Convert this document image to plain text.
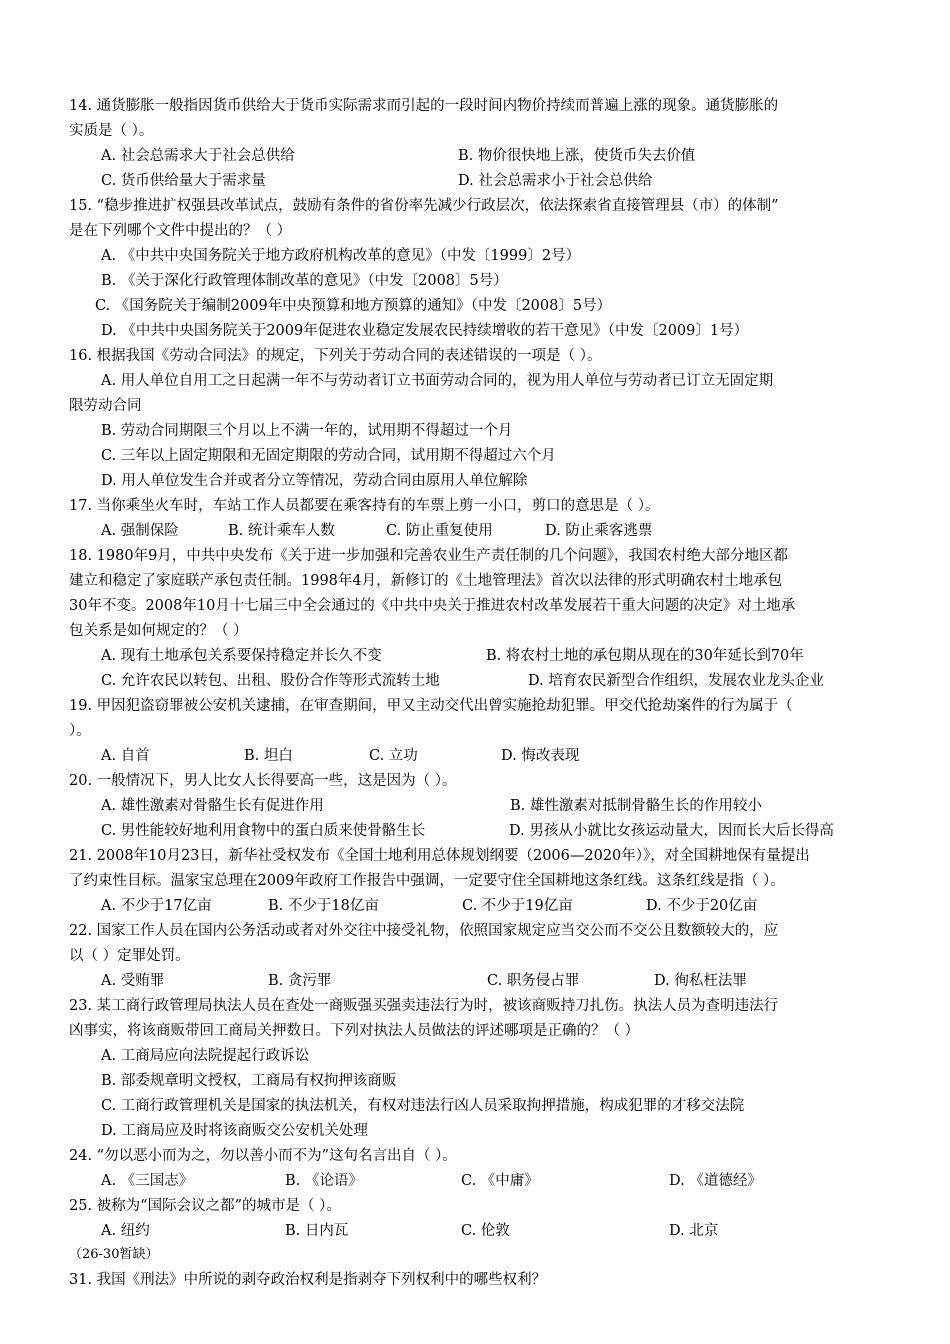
14. 通货膨胀一般指因货币供给大于货币实际需求而引起的一段时间内物价持续而普遍上涨的现象。通货膨胀的
实质是（ ）。
A. 社会总需求大于社会总供给	B. 物价很快地上涨，使货币失去价值
C. 货币供给量大于需求量	D. 社会总需求小于社会总供给
15. “稳步推进扩权强县改革试点，鼓励有条件的省份率先减少行政层次，依法探索省直接管理县（市）的体制”
是在下列哪个文件中提出的？（ ）
A. 《中共中央国务院关于地方政府机构改革的意见》（中发〔1999〕2号）
B. 《关于深化行政管理体制改革的意见》（中发〔2008〕5号）
C. 《国务院关于编制2009年中央预算和地方预算的通知》（中发〔2008〕5号）
D. 《中共中央国务院关于2009年促进农业稳定发展农民持续增收的若干意见》（中发〔2009〕1号）
16. 根据我国《劳动合同法》的规定，下列关于劳动合同的表述错误的一项是（ ）。
A. 用人单位自用工之日起满一年不与劳动者订立书面劳动合同的，视为用人单位与劳动者已订立无固定期
限劳动合同
B. 劳动合同期限三个月以上不满一年的，试用期不得超过一个月
C. 三年以上固定期限和无固定期限的劳动合同，试用期不得超过六个月
D. 用人单位发生合并或者分立等情况，劳动合同由原用人单位解除
17. 当你乘坐火车时，车站工作人员都要在乘客持有的车票上剪一小口，剪口的意思是（ ）。
A. 强制保险	B. 统计乘车人数	C. 防止重复使用	D. 防止乘客逃票
18. 1980年9月，中共中央发布《关于进一步加强和完善农业生产责任制的几个问题》，我国农村绝大部分地区都
建立和稳定了家庭联产承包责任制。1998年4月，新修订的《土地管理法》首次以法律的形式明确农村土地承包
30年不变。2008年10月十七届三中全会通过的《中共中央关于推进农村改革发展若干重大问题的决定》对土地承
包关系是如何规定的？（ ）
A. 现有土地承包关系要保持稳定并长久不变	B. 将农村土地的承包期从现在的30年延长到70年
C. 允许农民以转包、出租、股份合作等形式流转土地	D. 培育农民新型合作组织，发展农业龙头企业
19. 甲因犯盗窃罪被公安机关逮捕，在审查期间，甲又主动交代出曾实施抢劫犯罪。甲交代抢劫案件的行为属于（
）。
A. 自首	B. 坦白	C. 立功	D. 悔改表现
20. 一般情况下，男人比女人长得要高一些，这是因为（ ）。
A. 雄性激素对骨骼生长有促进作用	B. 雄性激素对抵制骨骼生长的作用较小
C. 男性能较好地利用食物中的蛋白质来使骨骼生长	D. 男孩从小就比女孩运动量大，因而长大后长得高
21. 2008年10月23日，新华社受权发布《全国土地利用总体规划纲要（2006—2020年）》，对全国耕地保有量提出
了约束性目标。温家宝总理在2009年政府工作报告中强调，一定要守住全国耕地这条红线。这条红线是指（ ）。
A. 不少于17亿亩	B. 不少于18亿亩	C. 不少于19亿亩	D. 不少于20亿亩
22. 国家工作人员在国内公务活动或者对外交往中接受礼物，依照国家规定应当交公而不交公且数额较大的，应
以（ ）定罪处罚。
A. 受贿罪	B. 贪污罪	C. 职务侵占罪	D. 徇私枉法罪
23. 某工商行政管理局执法人员在查处一商贩强买强卖违法行为时，被该商贩持刀扎伤。执法人员为查明违法行
凶事实，将该商贩带回工商局关押数日。下列对执法人员做法的评述哪项是正确的？（ ）
A. 工商局应向法院提起行政诉讼
B. 部委规章明文授权，工商局有权拘押该商贩
C. 工商行政管理机关是国家的执法机关，有权对违法行凶人员采取拘押措施，构成犯罪的才移交法院
D. 工商局应及时将该商贩交公安机关处理
24. “勿以恶小而为之，勿以善小而不为”这句名言出自（ ）。
A. 《三国志》	B. 《论语》	C. 《中庸》	D. 《道德经》
25. 被称为“国际会议之都”的城市是（ ）。
A. 纽约	B. 日内瓦	C. 伦敦	D. 北京
（26-30暂缺）
31. 我国《刑法》中所说的剥夺政治权利是指剥夺下列权利中的哪些权利？
